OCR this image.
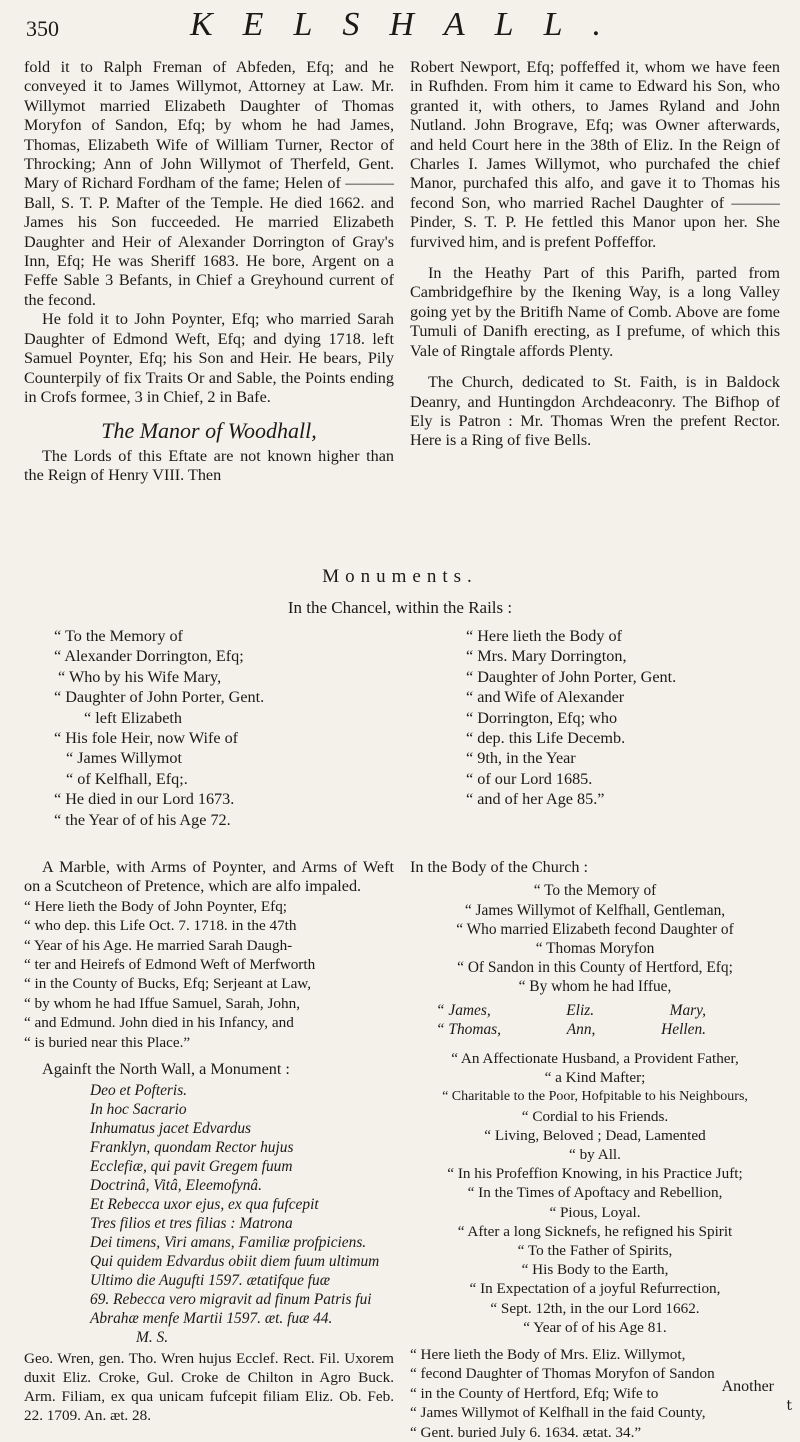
350	KELSHALL.

fold it to Ralph Freman of Abfeden, Efq; and he conveyed it to James Willymot, Attorney at Law. Mr. Willymot married Elizabeth Daughter of Thomas Moryfon of Sandon, Efq; by whom he had James, Thomas, Elizabeth Wife of William Turner, Rector of Throcking; Ann of John Willymot of Therfeld, Gent. Mary of Richard Fordham of the fame; Helen of ——— Ball, S. T. P. Mafter of the Temple. He died 1662. and James his Son fucceeded. He married Elizabeth Daughter and Heir of Alexander Dorrington of Gray's Inn, Efq; He was Sheriff 1683. He bore, Argent on a Feffe Sable 3 Befants, in Chief a Greyhound current of the fecond.

He fold it to John Poynter, Efq; who married Sarah Daughter of Edmond Weft, Efq; and dying 1718. left Samuel Poynter, Efq; his Son and Heir. He bears, Pily Counterpily of fix Traits Or and Sable, the Points ending in Crofs formee, 3 in Chief, 2 in Bafe.

The Manor of Woodhall,

The Lords of this Eftate are not known higher than the Reign of Henry VIII. Then

Robert Newport, Efq; poffeffed it, whom we have feen in Rufhden. From him it came to Edward his Son, who granted it, with others, to James Ryland and John Nutland. John Brograve, Efq; was Owner afterwards, and held Court here in the 38th of Eliz. In the Reign of Charles I. James Willymot, who purchafed the chief Manor, purchafed this alfo, and gave it to Thomas his fecond Son, who married Rachel Daughter of ——— Pinder, S. T. P. He fettled this Manor upon her. She furvived him, and is prefent Poffeffor.

In the Heathy Part of this Parifh, parted from Cambridgefhire by the Ikening Way, is a long Valley going yet by the Britifh Name of Comb. Above are fome Tumuli of Danifh erecting, as I prefume, of which this Vale of Ringtale affords Plenty.

The Church, dedicated to St. Faith, is in Baldock Deanry, and Huntingdon Archdeaconry. The Bifhop of Ely is Patron : Mr. Thomas Wren the prefent Rector. Here is a Ring of five Bells.

Monuments.
In the Chancel, within the Rails :
“ To the Memory of
“ Alexander Dorrington, Efq;
“ Who by his Wife Mary,
“ Daughter of John Porter, Gent.
“ left Elizabeth
“ His fole Heir, now Wife of
“ James Willymot
“ of Kelfhall, Efq;.
“ He died in our Lord 1673.
“ the Year of of his Age 72.
“ Here lieth the Body of
“ Mrs. Mary Dorrington,
“ Daughter of John Porter, Gent.
“ and Wife of Alexander
“ Dorrington, Efq; who
“ dep. this Life Decemb.
“ 9th, in the Year
“ of our Lord 1685.
“ and of her Age 85.”

A Marble, with Arms of Poynter, and Arms of Weft on a Scutcheon of Pretence, which are alfo impaled.

“ Here lieth the Body of John Poynter, Efq;
“ who dep. this Life Oct. 7. 1718. in the 47th
“ Year of his Age. He married Sarah Daugh-
“ ter and Heirefs of Edmond Weft of Merfworth
“ in the County of Bucks, Efq; Serjeant at Law,
“ by whom he had Iffue Samuel, Sarah, John,
“ and Edmund. John died in his Infancy, and
“ is buried near this Place.”

Againft the North Wall, a Monument :

Deo et Pofteris.
In hoc Sacrario
Inhumatus jacet Edvardus
Franklyn, quondam Rector hujus
Ecclefiæ, qui pavit Gregem fuum
Doctrinâ, Vitâ, Eleemofynâ.
Et Rebecca uxor ejus, ex qua fufcepit
Tres filios et tres filias : Matrona
Dei timens, Viri amans, Familiæ profpiciens.
Qui quidem Edvardus obiit diem fuum ultimum
Ultimo die Augufti 1597. ætatifque fuæ
69. Rebecca vero migravit ad finum Patris fui
Abrahæ menfe Martii 1597. æt. fuæ 44.
M. S.

Geo. Wren, gen. Tho. Wren hujus Ecclef. Rect. Fil. Uxorem duxit Eliz. Croke, Gul. Croke de Chilton in Agro Buck. Arm. Filiam, ex qua unicam fufcepit filiam Eliz. Ob. Feb. 22. 1709. An. æt. 28.

In the Body of the Church :
“ To the Memory of
“ James Willymot of Kelfhall, Gentleman,
“ Who married Elizabeth fecond Daughter of
“ Thomas Moryfon
“ Of Sandon in this County of Hertford, Efq;
“ By whom he had Iffue,
“ James,	Eliz.	Mary,
“ Thomas,	Ann,	Hellen.
“ An Affectionate Husband, a Provident Father,
“ a Kind Mafter;
“ Charitable to the Poor, Hofpitable to his Neighbours,
“ Cordial to his Friends.
“ Living, Beloved ; Dead, Lamented
“ by All.
“ In his Profeffion Knowing, in his Practice Juft;
“ In the Times of Apoftacy and Rebellion,
“ Pious, Loyal.
“ After a long Sicknefs, he refigned his Spirit
“ To the Father of Spirits,
“ His Body to the Earth,
“ In Expectation of a joyful Refurrection,
“ Sept. 12th, in the our Lord 1662.
“ Year of of his Age 81.
“ Here lieth the Body of Mrs. Eliz. Willymot,
“ fecond Daughter of Thomas Moryfon of Sandon
“ in the County of Hertford, Efq; Wife to
“ James Willymot of Kelfhall in the faid County,
“ Gent. buried July 6. 1634. ætat. 34.”
Another
t
